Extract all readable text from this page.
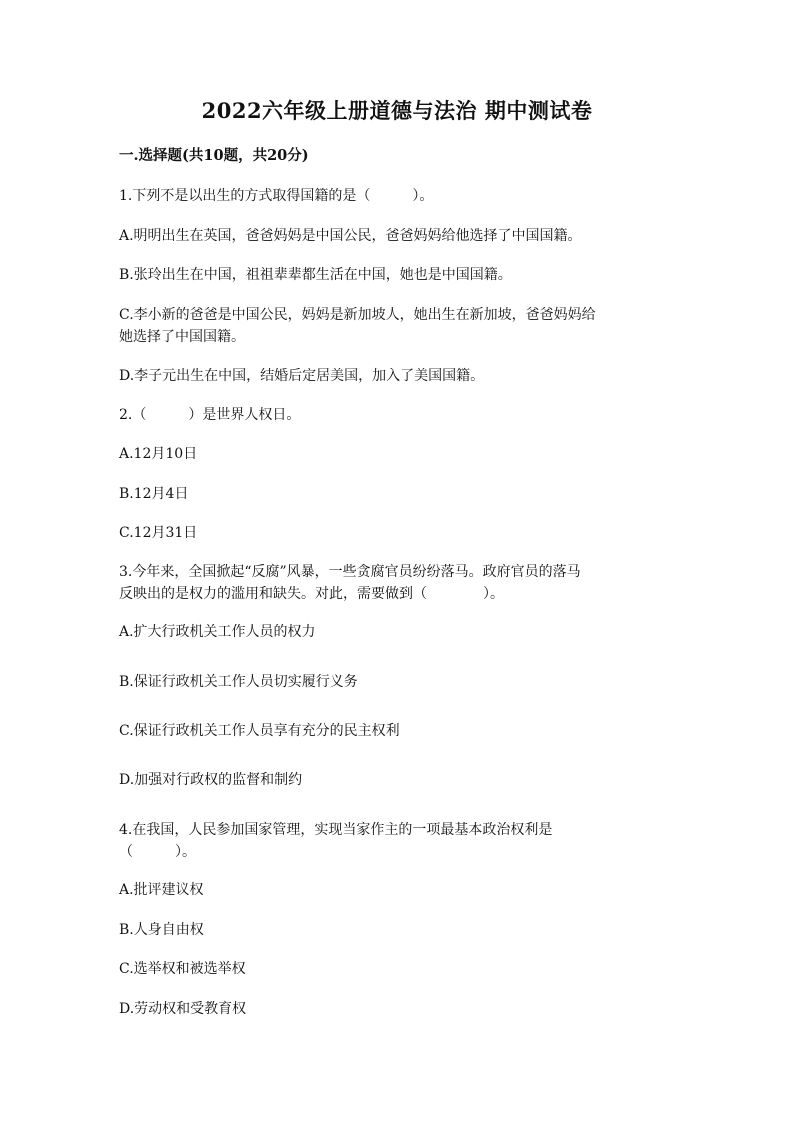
2022六年级上册道德与法治 期中测试卷
一.选择题(共10题，共20分)
1.下列不是以出生的方式取得国籍的是（　　　）。
A.明明出生在英国，爸爸妈妈是中国公民，爸爸妈妈给他选择了中国国籍。
B.张玲出生在中国，祖祖辈辈都生活在中国，她也是中国国籍。
C.李小新的爸爸是中国公民，妈妈是新加坡人，她出生在新加坡，爸爸妈妈给
她选择了中国国籍。
D.李子元出生在中国，结婚后定居美国，加入了美国国籍。
2.（　　　）是世界人权日。
A.12月10日
B.12月4日
C.12月31日
3.今年来，全国掀起“反腐”风暴，一些贪腐官员纷纷落马。政府官员的落马
反映出的是权力的滥用和缺失。对此，需要做到（　　　　）。
A.扩大行政机关工作人员的权力
B.保证行政机关工作人员切实履行义务
C.保证行政机关工作人员享有充分的民主权利
D.加强对行政权的监督和制约
4.在我国，人民参加国家管理，实现当家作主的一项最基本政治权利是
（　　　）。
A.批评建议权
B.人身自由权
C.选举权和被选举权
D.劳动权和受教育权
